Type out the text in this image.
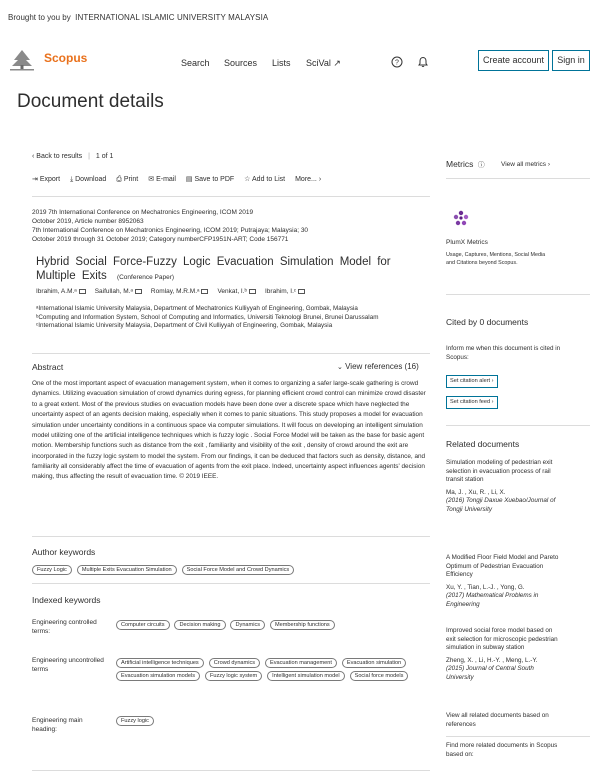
Brought to you by INTERNATIONAL ISLAMIC UNIVERSITY MALAYSIA
Scopus	Search Sources Lists SciVal ↗	?	Create account	Sign in
Document details
‹ Back to results | 1 of 1
⇥ Export ⤓ Download ⎙ Print ✉ E-mail ▤ Save to PDF ☆ Add to List More... ›
2019 7th International Conference on Mechatronics Engineering, ICOM 2019
October 2019, Article number 8952063
7th International Conference on Mechatronics Engineering, ICOM 2019; Putrajaya; Malaysia; 30
October 2019 through 31 October 2019; Category numberCFP1951N-ART; Code 156771
Hybrid Social Force-Fuzzy Logic Evacuation Simulation Model for Multiple Exits (Conference Paper)
Ibrahim, A.M.ᵃ	Saifullah, M.ᵃ	Romlay, M.R.M.ᵃ	Venkat, I.ᵇ	Ibrahim, I.ᶜ
ᵃInternational Islamic University Malaysia, Department of Mechatronics Kulliyyah of Engineering, Gombak, Malaysia
ᵇComputing and Information System, School of Computing and Informatics, Universiti Teknologi Brunei, Brunei Darussalam
ᶜInternational Islamic University Malaysia, Department of Civil Kulliyyah of Engineering, Gombak, Malaysia
Abstract	⌄ View references (16)

One of the most important aspect of evacuation management system, when it comes to organizing a safer large-scale gathering is crowd dynamics. Utilizing evacuation simulation of crowd dynamics during egress, for planning efficient crowd control can minimize crowd disaster to a great extent. Most of the previous studies on evacuation models have been done over a discrete space which have neglected the uncertainty aspect of an agents decision making, especially when it comes to panic situations. This study proposes a model for evacuation simulation under uncertainty conditions in a continuous space via computer simulations. It will focus on developing an intelligent simulation model utilizing one of the artificial intelligence techniques which is fuzzy logic . Social Force Model will be taken as the base for basic agent motion. Membership functions such as distance from the exit , familiarity and visibility of the exit , density of crowd around the exit are incorporated in the fuzzy logic system to model the system. From our findings, it can be deduced that factors such as density, distance, and familiarity all considerably affect the time of evacuation of agents from the exit place. Indeed, uncertainty aspect influences agents' decision making, thus affecting the result of evacuation time. © 2019 IEEE.

Author keywords
Fuzzy Logic	Multiple Exits Evacuation Simulation	Social Force Model and Crowd Dynamics
Indexed keywords
Engineering controlled terms:
Computer circuits	Decision making	Dynamics	Membership functions
Engineering uncontrolled terms
Artificial intelligence techniques	Crowd dynamics	Evacuation management	Evacuation simulation Evacuation simulation models	Fuzzy logic system	Intelligent simulation model	Social force models
Engineering main heading:
Fuzzy logic
Metrics ⓘ View all metrics ›
PlumX Metrics
Usage, Captures, Mentions, Social Media and Citations beyond Scopus.
Cited by 0 documents
Inform me when this document is cited in Scopus:
Set citation alert ›
Set citation feed ›
Related documents
Simulation modeling of pedestrian exit selection in evacuation process of rail transit station
Ma, J. , Xu, R. , Li, X.
(2016) Tongji Daxue Xuebao/Journal of Tongji University
A Modified Floor Field Model and Pareto Optimum of Pedestrian Evacuation Efficiency
Xu, Y. , Tian, L.-J. , Yong, G.
(2017) Mathematical Problems in Engineering
Improved social force model based on exit selection for microscopic pedestrian simulation in subway station
Zheng, X. , Li, H.-Y. , Meng, L.-Y.
(2015) Journal of Central South University
View all related documents based on references
Find more related documents in Scopus based on:
